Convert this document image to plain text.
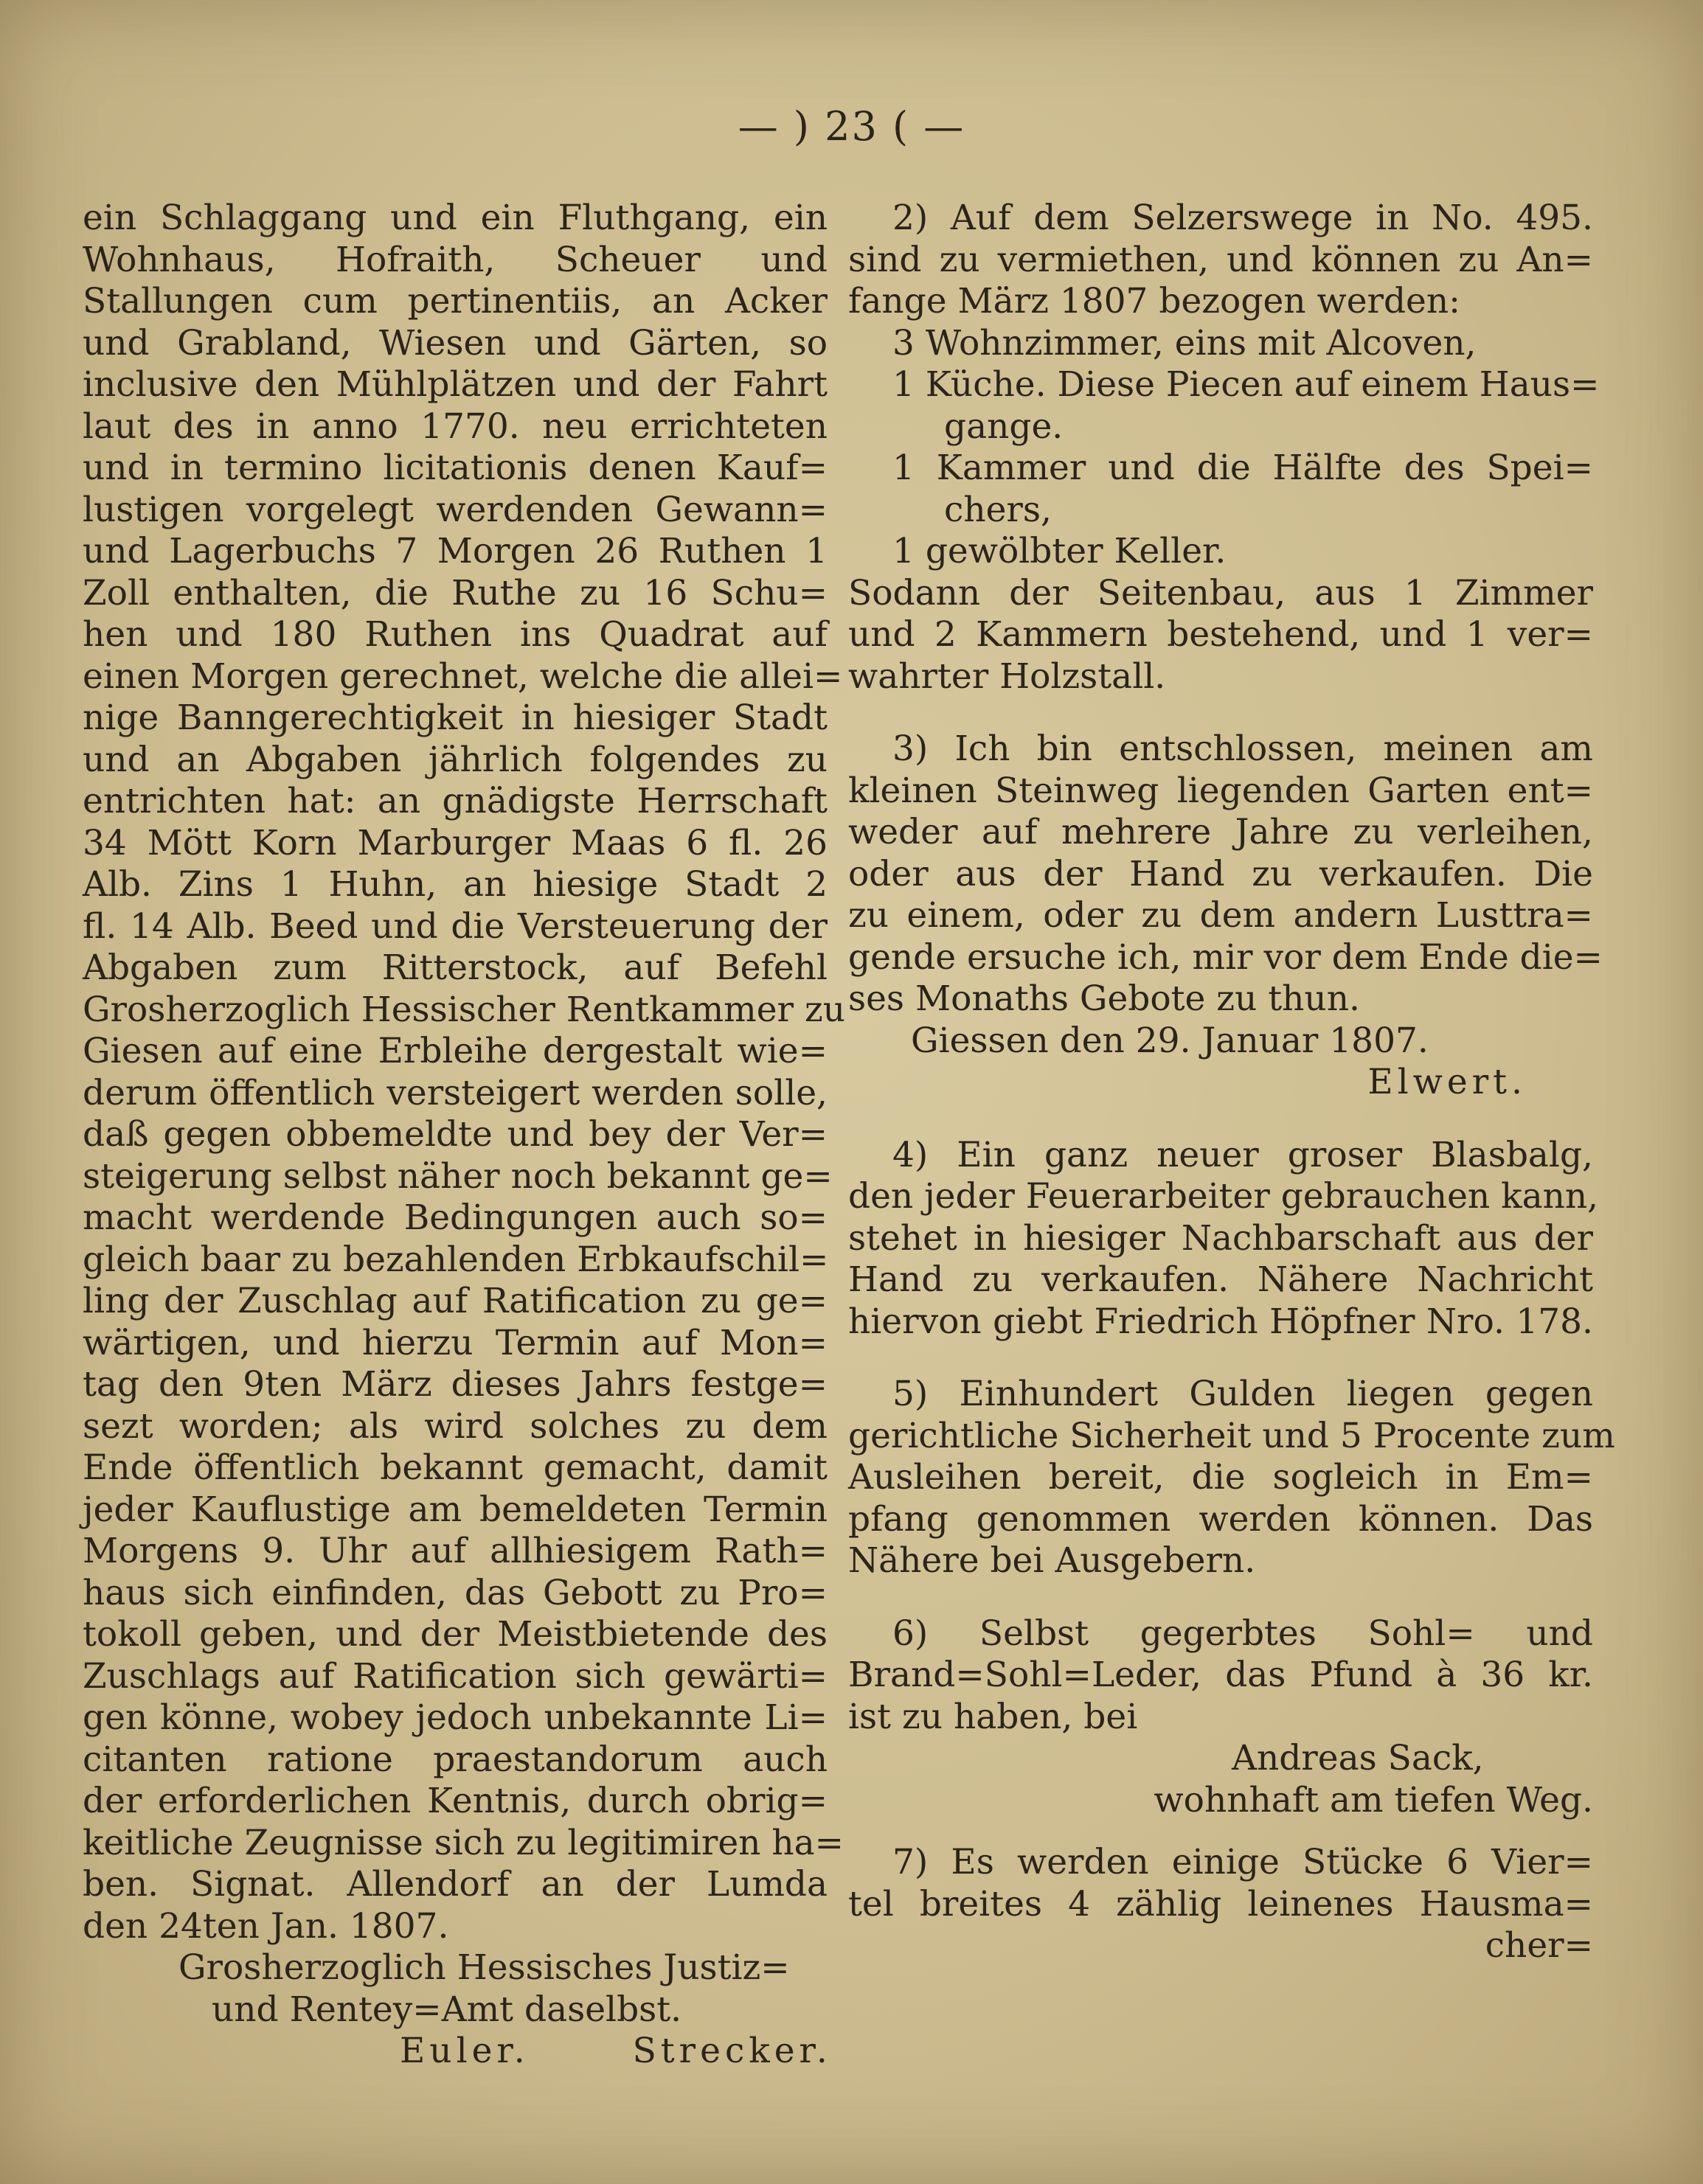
— ) 23 ( —
ein Schlaggang und ein Fluthgang, ein
Wohnhaus, Hofraith, Scheuer und
Stallungen cum pertinentiis, an Acker
und Grabland, Wiesen und Gärten, so
inclusive den Mühlplätzen und der Fahrt
laut des in anno 1770. neu errichteten
und in termino licitationis denen Kauf=
lustigen vorgelegt werdenden Gewann=
und Lagerbuchs 7 Morgen 26 Ruthen 1
Zoll enthalten, die Ruthe zu 16 Schu=
hen und 180 Ruthen ins Quadrat auf
einen Morgen gerechnet, welche die allei=
nige Banngerechtigkeit in hiesiger Stadt
und an Abgaben jährlich folgendes zu
entrichten hat: an gnädigste Herrschaft
34 Mött Korn Marburger Maas 6 fl. 26
Alb. Zins 1 Huhn, an hiesige Stadt 2
fl. 14 Alb. Beed und die Versteuerung der
Abgaben zum Ritterstock, auf Befehl
Grosherzoglich Hessischer Rentkammer zu
Giesen auf eine Erbleihe dergestalt wie=
derum öffentlich versteigert werden solle,
daß gegen obbemeldte und bey der Ver=
steigerung selbst näher noch bekannt ge=
macht werdende Bedingungen auch so=
gleich baar zu bezahlenden Erbkaufschil=
ling der Zuschlag auf Ratification zu ge=
wärtigen, und hierzu Termin auf Mon=
tag den 9ten März dieses Jahrs festge=
sezt worden; als wird solches zu dem
Ende öffentlich bekannt gemacht, damit
jeder Kauflustige am bemeldeten Termin
Morgens 9. Uhr auf allhiesigem Rath=
haus sich einfinden, das Gebott zu Pro=
tokoll geben, und der Meistbietende des
Zuschlags auf Ratification sich gewärti=
gen könne, wobey jedoch unbekannte Li=
citanten ratione praestandorum auch
der erforderlichen Kentnis, durch obrig=
keitliche Zeugnisse sich zu legitimiren ha=
ben. Signat. Allendorf an der Lumda
den 24ten Jan. 1807.
Grosherzoglich Hessisches Justiz=
und Rentey=Amt daselbst.
Euler.	Strecker.
2) Auf dem Selzerswege in No. 495.
sind zu vermiethen, und können zu An=
fange März 1807 bezogen werden:
3 Wohnzimmer, eins mit Alcoven,
1 Küche. Diese Piecen auf einem Haus=
gange.
1 Kammer und die Hälfte des Spei=
chers,
1 gewölbter Keller.
Sodann der Seitenbau, aus 1 Zimmer
und 2 Kammern bestehend, und 1 ver=
wahrter Holzstall.
3) Ich bin entschlossen, meinen am
kleinen Steinweg liegenden Garten ent=
weder auf mehrere Jahre zu verleihen,
oder aus der Hand zu verkaufen. Die
zu einem, oder zu dem andern Lusttra=
gende ersuche ich, mir vor dem Ende die=
ses Monaths Gebote zu thun.
Giessen den 29. Januar 1807.
Elwert.
4) Ein ganz neuer groser Blasbalg,
den jeder Feuerarbeiter gebrauchen kann,
stehet in hiesiger Nachbarschaft aus der
Hand zu verkaufen. Nähere Nachricht
hiervon giebt Friedrich Höpfner Nro. 178.
5) Einhundert Gulden liegen gegen
gerichtliche Sicherheit und 5 Procente zum
Ausleihen bereit, die sogleich in Em=
pfang genommen werden können. Das
Nähere bei Ausgebern.
6) Selbst gegerbtes Sohl= und
Brand=Sohl=Leder, das Pfund à 36 kr.
ist zu haben, bei
Andreas Sack,
wohnhaft am tiefen Weg.
7) Es werden einige Stücke 6 Vier=
tel breites 4 zählig leinenes Hausma=
cher=
